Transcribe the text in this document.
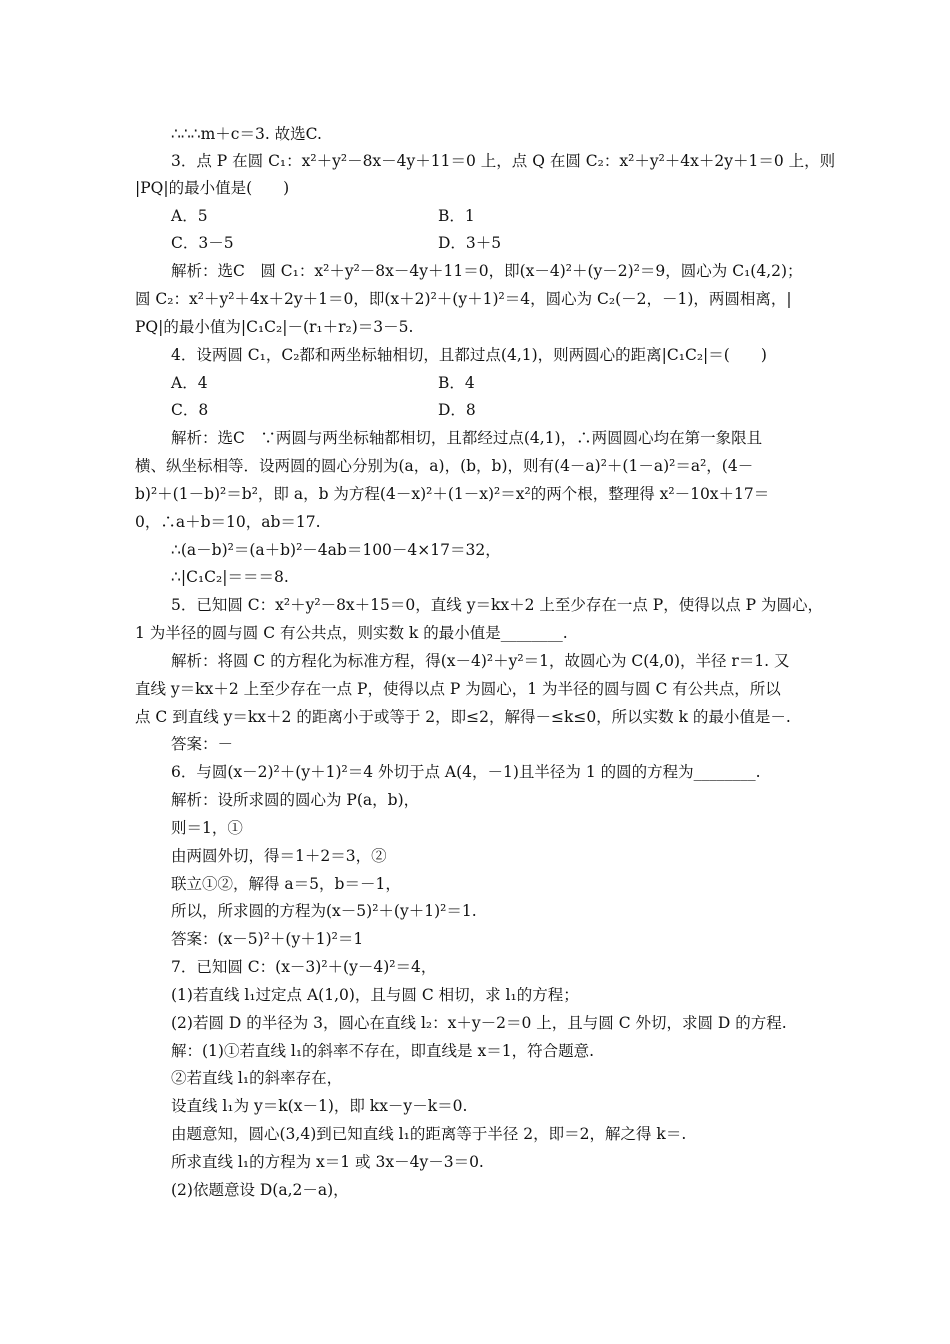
∴∴∴m＋c＝3. 故选C.
3．点 P 在圆 C₁：x²＋y²－8x－4y＋11＝0 上，点 Q 在圆 C₂：x²＋y²＋4x＋2y＋1＝0 上，则
|PQ|的最小值是(　　)
A．5	B．1
C．3－5	D．3＋5
解析：选C　圆 C₁：x²＋y²－8x－4y＋11＝0，即(x－4)²＋(y－2)²＝9，圆心为 C₁(4,2)；
圆 C₂：x²＋y²＋4x＋2y＋1＝0，即(x＋2)²＋(y＋1)²＝4，圆心为 C₂(－2，－1)，两圆相离，|
PQ|的最小值为|C₁C₂|－(r₁＋r₂)＝3－5.
4．设两圆 C₁，C₂都和两坐标轴相切，且都过点(4,1)，则两圆心的距离|C₁C₂|＝(　　)
A．4	B．4
C．8	D．8
解析：选C　∵两圆与两坐标轴都相切，且都经过点(4,1)，∴两圆圆心均在第一象限且
横、纵坐标相等．设两圆的圆心分别为(a，a)，(b，b)，则有(4－a)²＋(1－a)²＝a²，(4－
b)²＋(1－b)²＝b²，即 a，b 为方程(4－x)²＋(1－x)²＝x²的两个根，整理得 x²－10x＋17＝
0，∴a＋b＝10，ab＝17.
∴(a－b)²＝(a＋b)²－4ab＝100－4×17＝32，
∴|C₁C₂|＝＝＝8.
5．已知圆 C：x²＋y²－8x＋15＝0，直线 y＝kx＋2 上至少存在一点 P，使得以点 P 为圆心，
1 为半径的圆与圆 C 有公共点，则实数 k 的最小值是________.
解析：将圆 C 的方程化为标准方程，得(x－4)²＋y²＝1，故圆心为 C(4,0)，半径 r＝1. 又
直线 y＝kx＋2 上至少存在一点 P，使得以点 P 为圆心，1 为半径的圆与圆 C 有公共点，所以
点 C 到直线 y＝kx＋2 的距离小于或等于 2，即≤2，解得－≤k≤0，所以实数 k 的最小值是－.
答案：－
6．与圆(x－2)²＋(y＋1)²＝4 外切于点 A(4，－1)且半径为 1 的圆的方程为________.
解析：设所求圆的圆心为 P(a，b)，
则＝1，①
由两圆外切，得＝1＋2＝3，②
联立①②，解得 a＝5，b＝－1，
所以，所求圆的方程为(x－5)²＋(y＋1)²＝1.
答案：(x－5)²＋(y＋1)²＝1
7．已知圆 C：(x－3)²＋(y－4)²＝4，
(1)若直线 l₁过定点 A(1,0)，且与圆 C 相切，求 l₁的方程；
(2)若圆 D 的半径为 3，圆心在直线 l₂：x＋y－2＝0 上，且与圆 C 外切，求圆 D 的方程.
解：(1)①若直线 l₁的斜率不存在，即直线是 x＝1，符合题意.
②若直线 l₁的斜率存在，
设直线 l₁为 y＝k(x－1)，即 kx－y－k＝0.
由题意知，圆心(3,4)到已知直线 l₁的距离等于半径 2，即＝2，解之得 k＝.
所求直线 l₁的方程为 x＝1 或 3x－4y－3＝0.
(2)依题意设 D(a,2－a)，
